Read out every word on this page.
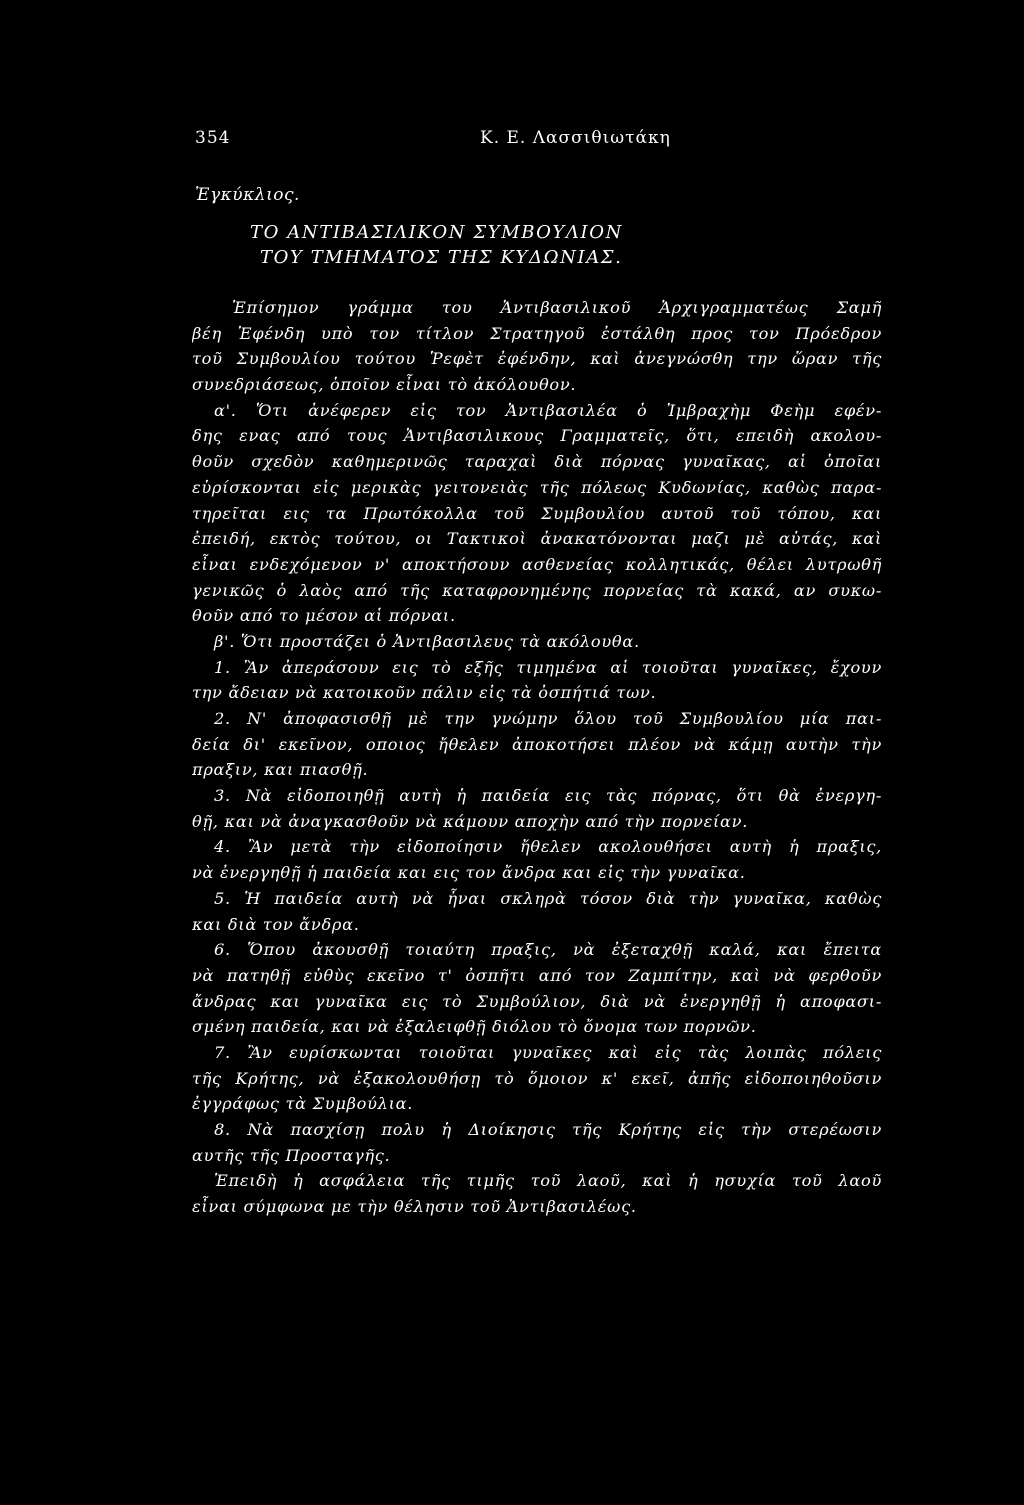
354	Κ. Ε. Λασσιθιωτάκη
Ἐγκύκλιος.
ΤΟ ΑΝΤΙΒΑΣΙΛΙΚΟΝ ΣΥΜΒΟΥΛΙΟΝ
ΤΟΥ ΤΜΗΜΑΤΟΣ ΤΗΣ ΚΥΔΩΝΙΑΣ.
Ἐπίσημον γράμμα του Ἀντιβασιλικοῦ Ἀρχιγραμματέως Σαμῆ
βέη Ἐφένδη υπὸ τον τίτλον Στρατηγοῦ ἐστάλθη προς τον Πρόεδρον
τοῦ Συμβουλίου τούτου Ῥεφὲτ ἐφένδην, καὶ ἀνεγνώσθη την ὥραν τῆς
συνεδριάσεως, ὁποῖον εἶναι τὸ ἀκόλουθον.
α'. Ὅτι ἀνέφερεν εἰς τον Ἀντιβασιλέα ὁ Ἰμβραχὴμ Φεὴμ εφέν-
δης ενας από τους Ἀντιβασιλικους Γραμματεῖς, ὅτι, επειδὴ ακολου-
θοῦν σχεδὸν καθημερινῶς ταραχαὶ διὰ πόρνας γυναῖκας, αἱ ὁποῖαι
εὑρίσκονται εἰς μερικὰς γειτονειὰς τῆς πόλεως Κυδωνίας, καθὼς παρα-
τηρεῖται εις τα Πρωτόκολλα τοῦ Συμβουλίου αυτοῦ τοῦ τόπου, και
ἐπειδή, εκτὸς τούτου, οι Τακτικοὶ ἀνακατόνονται μαζι μὲ αὐτάς, καὶ
εἶναι ενδεχόμενον ν' αποκτήσουν ασθενείας κολλητικάς, θέλει λυτρωθῆ
γενικῶς ὁ λαὸς από τῆς καταφρονημένης πορνείας τὰ κακά, αν συκω-
θοῦν από το μέσον αἱ πόρναι.
β'. Ὅτι προστάζει ὁ Ἀντιβασιλευς τὰ ακόλουθα.
1. Ἂν ἀπεράσουν εις τὸ εξῆς τιμημένα αἱ τοιοῦται γυναῖκες, ἔχουν
την ἄδειαν νὰ κατοικοῦν πάλιν εἰς τὰ ὀσπήτιά των.
2. Ν' ἀποφασισθῇ μὲ την γνώμην ὅλου τοῦ Συμβουλίου μία παι-
δεία δι' εκεῖνον, οποιος ἤθελεν ἀποκοτήσει πλέον νὰ κάμῃ αυτὴν τὴν
πραξιν, και πιασθῇ.
3. Νὰ εἰδοποιηθῇ αυτὴ ἡ παιδεία εις τὰς πόρνας, ὅτι θὰ ἐνεργη-
θῇ, και νὰ ἀναγκασθοῦν νὰ κάμουν αποχὴν από τὴν πορνείαν.
4. Ἂν μετὰ τὴν εἰδοποίησιν ἤθελεν ακολουθήσει αυτὴ ἡ πραξις,
νὰ ἐνεργηθῇ ἡ παιδεία και εις τον ἄνδρα και εἰς τὴν γυναῖκα.
5. Ἡ παιδεία αυτὴ νὰ ἦναι σκληρὰ τόσον διὰ τὴν γυναῖκα, καθὼς
και διὰ τον ἄνδρα.
6. Ὅπου ἀκουσθῇ τοιαύτη πραξις, νὰ ἐξεταχθῇ καλά, και ἔπειτα
νὰ πατηθῇ εὐθὺς εκεῖνο τ' ὀσπῆτι από τον Ζαμπίτην, καὶ νὰ φερθοῦν
ἄνδρας και γυναῖκα εις τὸ Συμβούλιον, διὰ νὰ ἐνεργηθῇ ἡ αποφασι-
σμένη παιδεία, και νὰ ἐξαλειφθῇ διόλου τὸ ὄνομα των πορνῶν.
7. Ἂν ευρίσκωνται τοιοῦται γυναῖκες καὶ εἰς τὰς λοιπὰς πόλεις
τῆς Κρήτης, νὰ ἐξακολουθήσῃ τὸ ὅμοιον κ' εκεῖ, ἀπῆς εἰδοποιηθοῦσιν
ἐγγράφως τὰ Συμβούλια.
8. Νὰ πασχίσῃ πολυ ἡ Διοίκησις τῆς Κρήτης εἰς τὴν στερέωσιν
αυτῆς τῆς Προσταγῆς.
Ἐπειδὴ ἡ ασφάλεια τῆς τιμῆς τοῦ λαοῦ, καὶ ἡ ησυχία τοῦ λαοῦ
εἶναι σύμφωνα με τὴν θέλησιν τοῦ Ἀντιβασιλέως.
